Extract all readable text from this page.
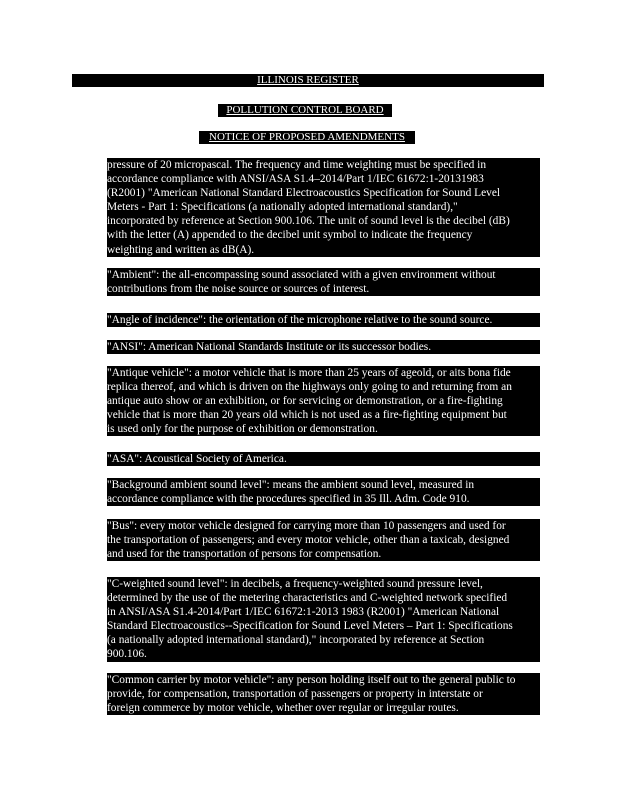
ILLINOIS REGISTER
POLLUTION CONTROL BOARD
NOTICE OF PROPOSED AMENDMENTS
pressure of 20 micropascal. The frequency and time weighting must be specified in
accordance compliance with ANSI/ASA S1.4–2014/Part 1/IEC 61672:1-20131983
(R2001) "American National Standard Electroacoustics Specification for Sound Level
Meters - Part 1: Specifications (a nationally adopted international standard),"
incorporated by reference at Section 900.106. The unit of sound level is the decibel (dB)
with the letter (A) appended to the decibel unit symbol to indicate the frequency
weighting and written as dB(A).
"Ambient": the all-encompassing sound associated with a given environment without
contributions from the noise source or sources of interest.
"Angle of incidence": the orientation of the microphone relative to the sound source.
"ANSI": American National Standards Institute or its successor bodies.
"Antique vehicle": a motor vehicle that is more than 25 years of ageold, or aits bona fide
replica thereof, and which is driven on the highways only going to and returning from an
antique auto show or an exhibition, or for servicing or demonstration, or a fire-fighting
vehicle that is more than 20 years old which is not used as a fire-fighting equipment but
is used only for the purpose of exhibition or demonstration.
"ASA": Acoustical Society of America.
"Background ambient sound level": means the ambient sound level, measured in
accordance compliance with the procedures specified in 35 Ill. Adm. Code 910.
"Bus": every motor vehicle designed for carrying more than 10 passengers and used for
the transportation of passengers; and every motor vehicle, other than a taxicab, designed
and used for the transportation of persons for compensation.
"C-weighted sound level": in decibels, a frequency-weighted sound pressure level,
determined by the use of the metering characteristics and C-weighted network specified
in ANSI/ASA S1.4-2014/Part 1/IEC 61672:1-2013 1983 (R2001) "American National
Standard Electroacoustics--Specification for Sound Level Meters – Part 1: Specifications
(a nationally adopted international standard)," incorporated by reference at Section
900.106.
"Common carrier by motor vehicle": any person holding itself out to the general public to
provide, for compensation, transportation of passengers or property in interstate or
foreign commerce by motor vehicle, whether over regular or irregular routes.
